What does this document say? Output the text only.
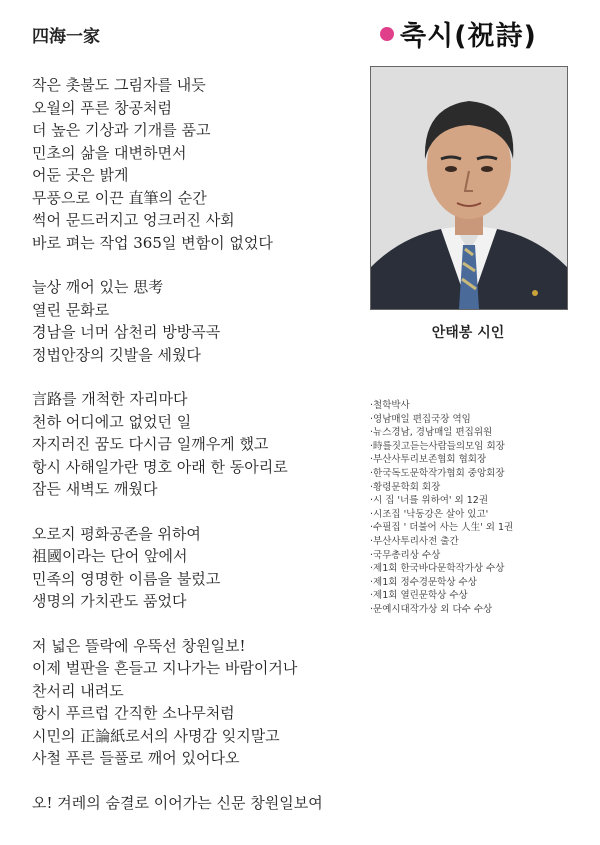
四海一家
작은 촛불도 그림자를 내듯
오월의 푸른 창공처럼
더 높은 기상과 기개를 품고
민초의 삶을 대변하면서
어둔 곳은 밝게
무풍으로 이끈 直筆의 순간
썩어 문드러지고 엉크러진 사회
바로 펴는 작업 365일 변함이 없었다
늘상 깨어 있는 思考
열린 문화로
경남을 너머 삼천리 방방곡곡
정법안장의 깃발을 세웠다
言路를 개척한 자리마다
천하 어디에고 없었던 일
자지러진 꿈도 다시금 일깨우게 했고
항시 사해일가란 명호 아래 한 동아리로
잠든 새벽도 깨웠다
오로지 평화공존을 위하여
祖國이라는 단어 앞에서
민족의 영명한 이름을 불렀고
생명의 가치관도 품었다
저 넓은 뜰락에 우뚝선 창원일보!
이제 벌판을 흔들고 지나가는 바람이거나
찬서리 내려도
항시 푸르럽 간직한 소나무처럼
시민의 正論紙로서의 사명감 잊지말고
사철 푸른 들풀로 깨어 있어다오
오! 겨레의 숨결로 이어가는 신문 창원일보여
축시(祝詩)
안태봉 시인
·철학박사
·영남매일 편집국장 역임
·뉴스경남, 경남매일 편집위원
·時를짓고듣는사람들의모임 회장
·부산사투리보존협회 협회장
·한국독도문학작가협회 중앙회장
·황령문학회 회장
·시 집 '너를 위하여' 외 12권
·시조집 '낙동강은 살아 있고'
·수필집 ' 더불어 사는 人生' 외 1권
·부산사투리사전 출간
·국무총리상 수상
·제1회 한국바다문학작가상 수상
·제1회 정수경문학상 수상
·제1회 열린문학상 수상
·문예시대작가상 외 다수 수상
